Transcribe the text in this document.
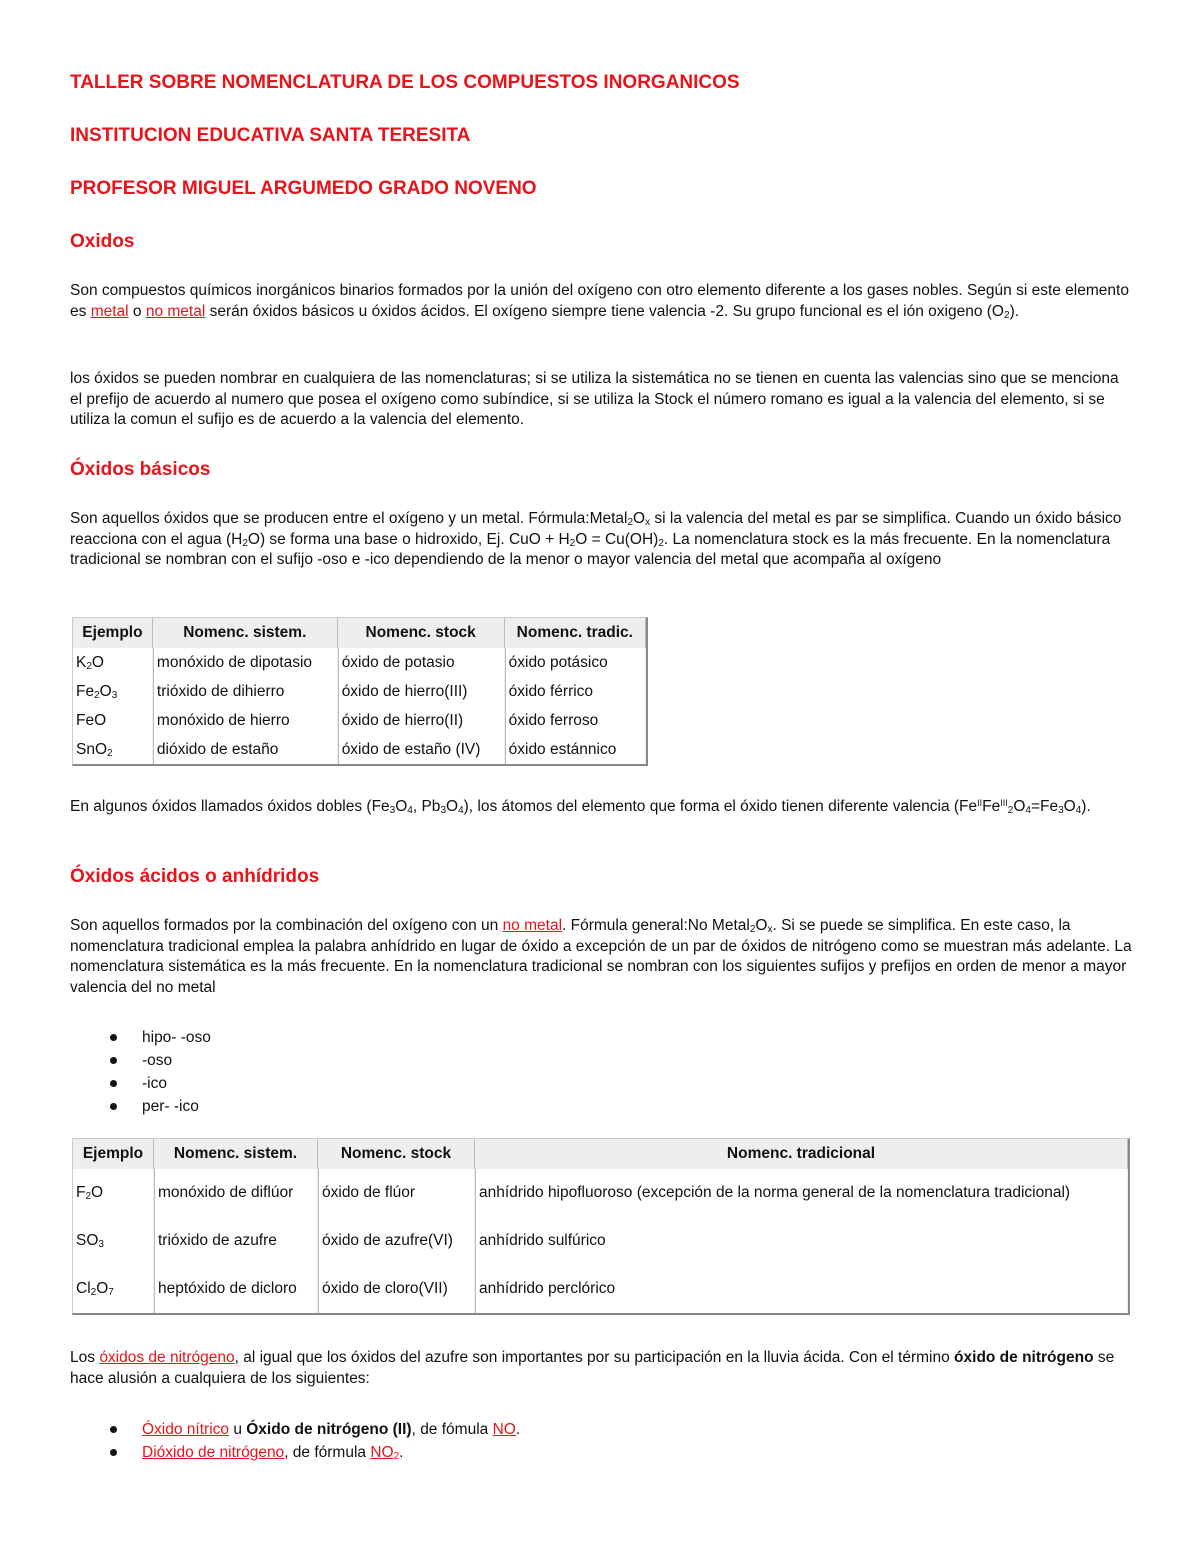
TALLER SOBRE NOMENCLATURA DE LOS COMPUESTOS INORGANICOS
INSTITUCION EDUCATIVA SANTA TERESITA
PROFESOR MIGUEL ARGUMEDO GRADO NOVENO
Oxidos

Son compuestos químicos inorgánicos binarios formados por la unión del oxígeno con otro elemento diferente a los gases nobles. Según si este elemento es metal o no metal serán óxidos básicos u óxidos ácidos. El oxígeno siempre tiene valencia -2. Su grupo funcional es el ión oxigeno $(O_2)$.

los óxidos se pueden nombrar en cualquiera de las nomenclaturas; si se utiliza la sistemática no se tienen en cuenta las valencias sino que se menciona el prefijo de acuerdo al numero que posea el oxígeno como subíndice, si se utiliza la Stock el número romano es igual a la valencia del elemento, si se utiliza la comun el sufijo es de acuerdo a la valencia del elemento.

Óxidos básicos

Son aquellos óxidos que se producen entre el oxígeno y un metal. $Fórmula:Metal_2O_x$ si la valencia del metal es par se simplifica. Cuando un óxido básico reacciona con el agua $(H_2O)$ se forma una base o hidroxido, Ej. CuO + $H_2O = Cu(OH)_2$. La nomenclatura stock es la más frecuente. En la nomenclatura tradicional se nombran con el sufijo -oso e -ico dependiendo de la menor o mayor valencia del metal que acompaña al oxígeno

Ejemplo	Nomenc. sistem.	Nomenc. stock	Nomenc. tradic.
$K_2O$	monóxido de dipotasio	óxido de potasio	óxido potásico
$Fe_2O_3$	trióxido de dihierro	óxido de hierro(III)	óxido férrico
FeO	monóxido de hierro	óxido de hierro(II)	óxido ferroso
SnO$_2$	dióxido de estaño	óxido de estaño (IV)	óxido estánnico

En algunos óxidos llamados óxidos dobles ($Fe_3O_4$, $Pb_3O_4$), los átomos del elemento que forma el óxido tienen diferente valencia $(Fe^{II}Fe^{III}_2O_4=Fe_3O_4)$.

Óxidos ácidos o anhídridos

Son aquellos formados por la combinación del oxígeno con un no metal. Fórmula general:No $Metal_2O_x$. Si se puede se simplifica. En este caso, la nomenclatura tradicional emplea la palabra anhídrido en lugar de óxido a excepción de un par de óxidos de nitrógeno como se muestran más adelante. La nomenclatura sistemática es la más frecuente. En la nomenclatura tradicional se nombran con los siguientes sufijos y prefijos en orden de menor a mayor valencia del no metal

hipo- -oso
-oso
-ico
per- -ico
Ejemplo	Nomenc. sistem.	Nomenc. stock	Nomenc. tradicional
$F_2O$	monóxido de diflúor	óxido de flúor	anhídrido hipofluoroso (excepción de la norma general de la nomenclatura tradicional)
$SO_3$	trióxido de azufre	óxido de azufre(VI)	anhídrido sulfúrico
$Cl_2O_7$	heptóxido de dicloro	óxido de cloro(VII)	anhídrido perclórico

Los óxidos de nitrógeno, al igual que los óxidos del azufre son importantes por su participación en la lluvia ácida. Con el término óxido de nitrógeno se hace alusión a cualquiera de los siguientes:

Óxido nítrico u Óxido de nitrógeno (II), de fómula NO.
Dióxido de nitrógeno, de fórmula $NO_2$.
